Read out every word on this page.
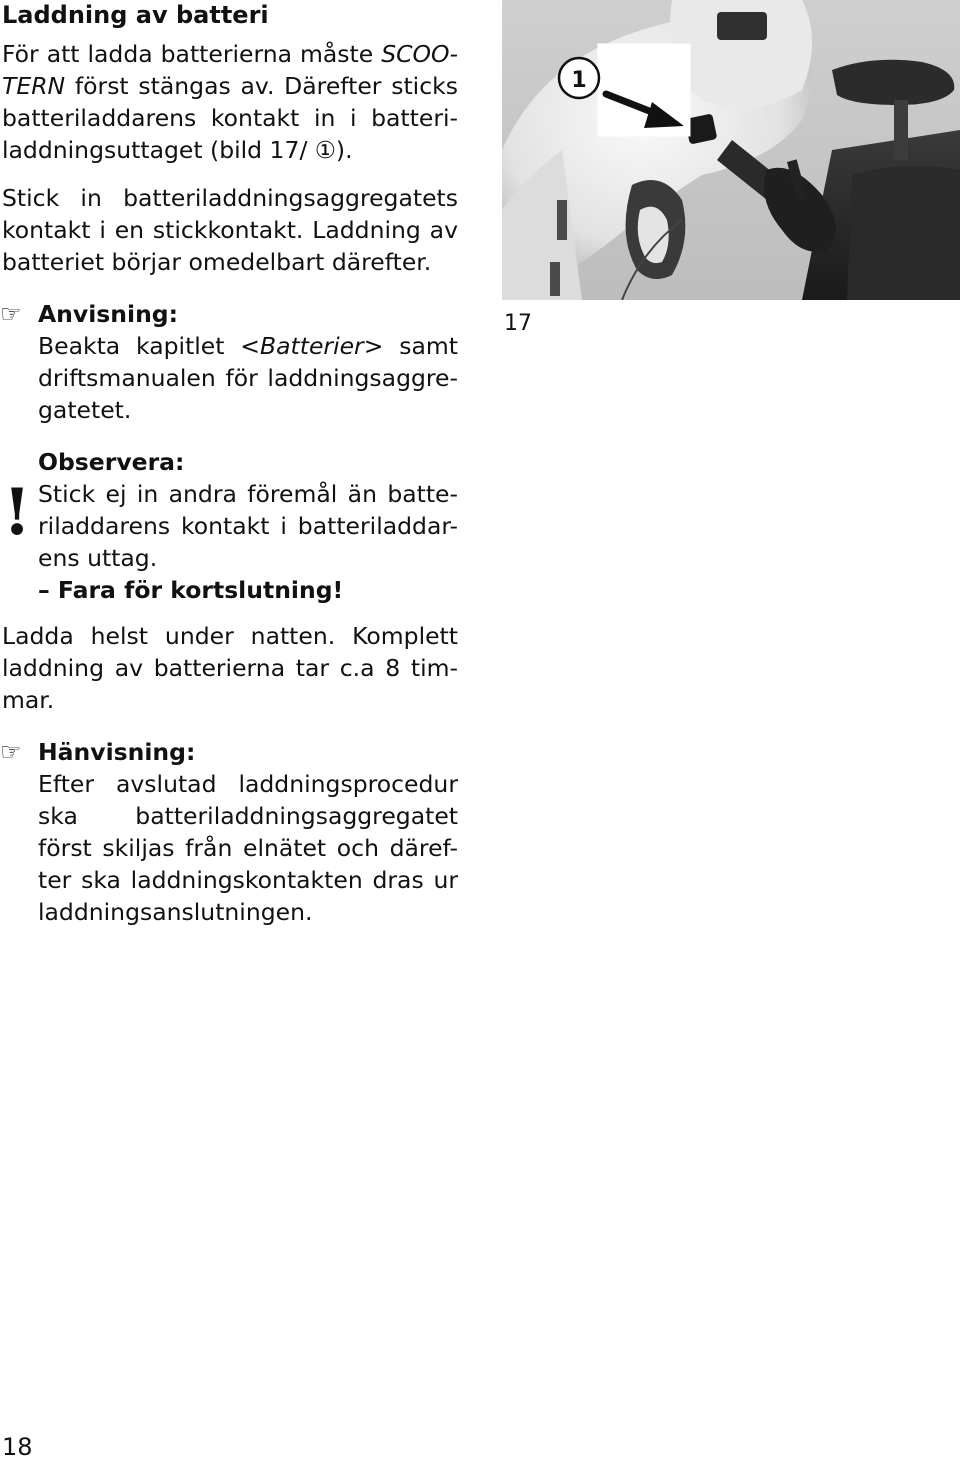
Laddning av batteri
För att ladda batterierna måste SCOO-
TERN först stängas av. Därefter sticks
batteriladdarens kontakt in i batteri-
laddningsuttaget (bild 17/ ①).
Stick in batteriladdningsaggregatets
kontakt i en stickkontakt. Laddning av
batteriet börjar omedelbart därefter.
☞ Anvisning:
Beakta kapitlet <Batterier> samt
driftsmanualen för laddningsaggre-
gatetet.
!
Observera:
Stick ej in andra föremål än batte-
riladdarens kontakt i batteriladdar-
ens uttag.
– Fara för kortslutning!
Ladda helst under natten. Komplett
laddning av batterierna tar c.a 8 tim-
mar.
☞ Hänvisning:
Efter avslutad laddningsprocedur
ska batteriladdningsaggregatet
först skiljas från elnätet och däref-
ter ska laddningskontakten dras ur
laddningsanslutningen.
1
17
18
